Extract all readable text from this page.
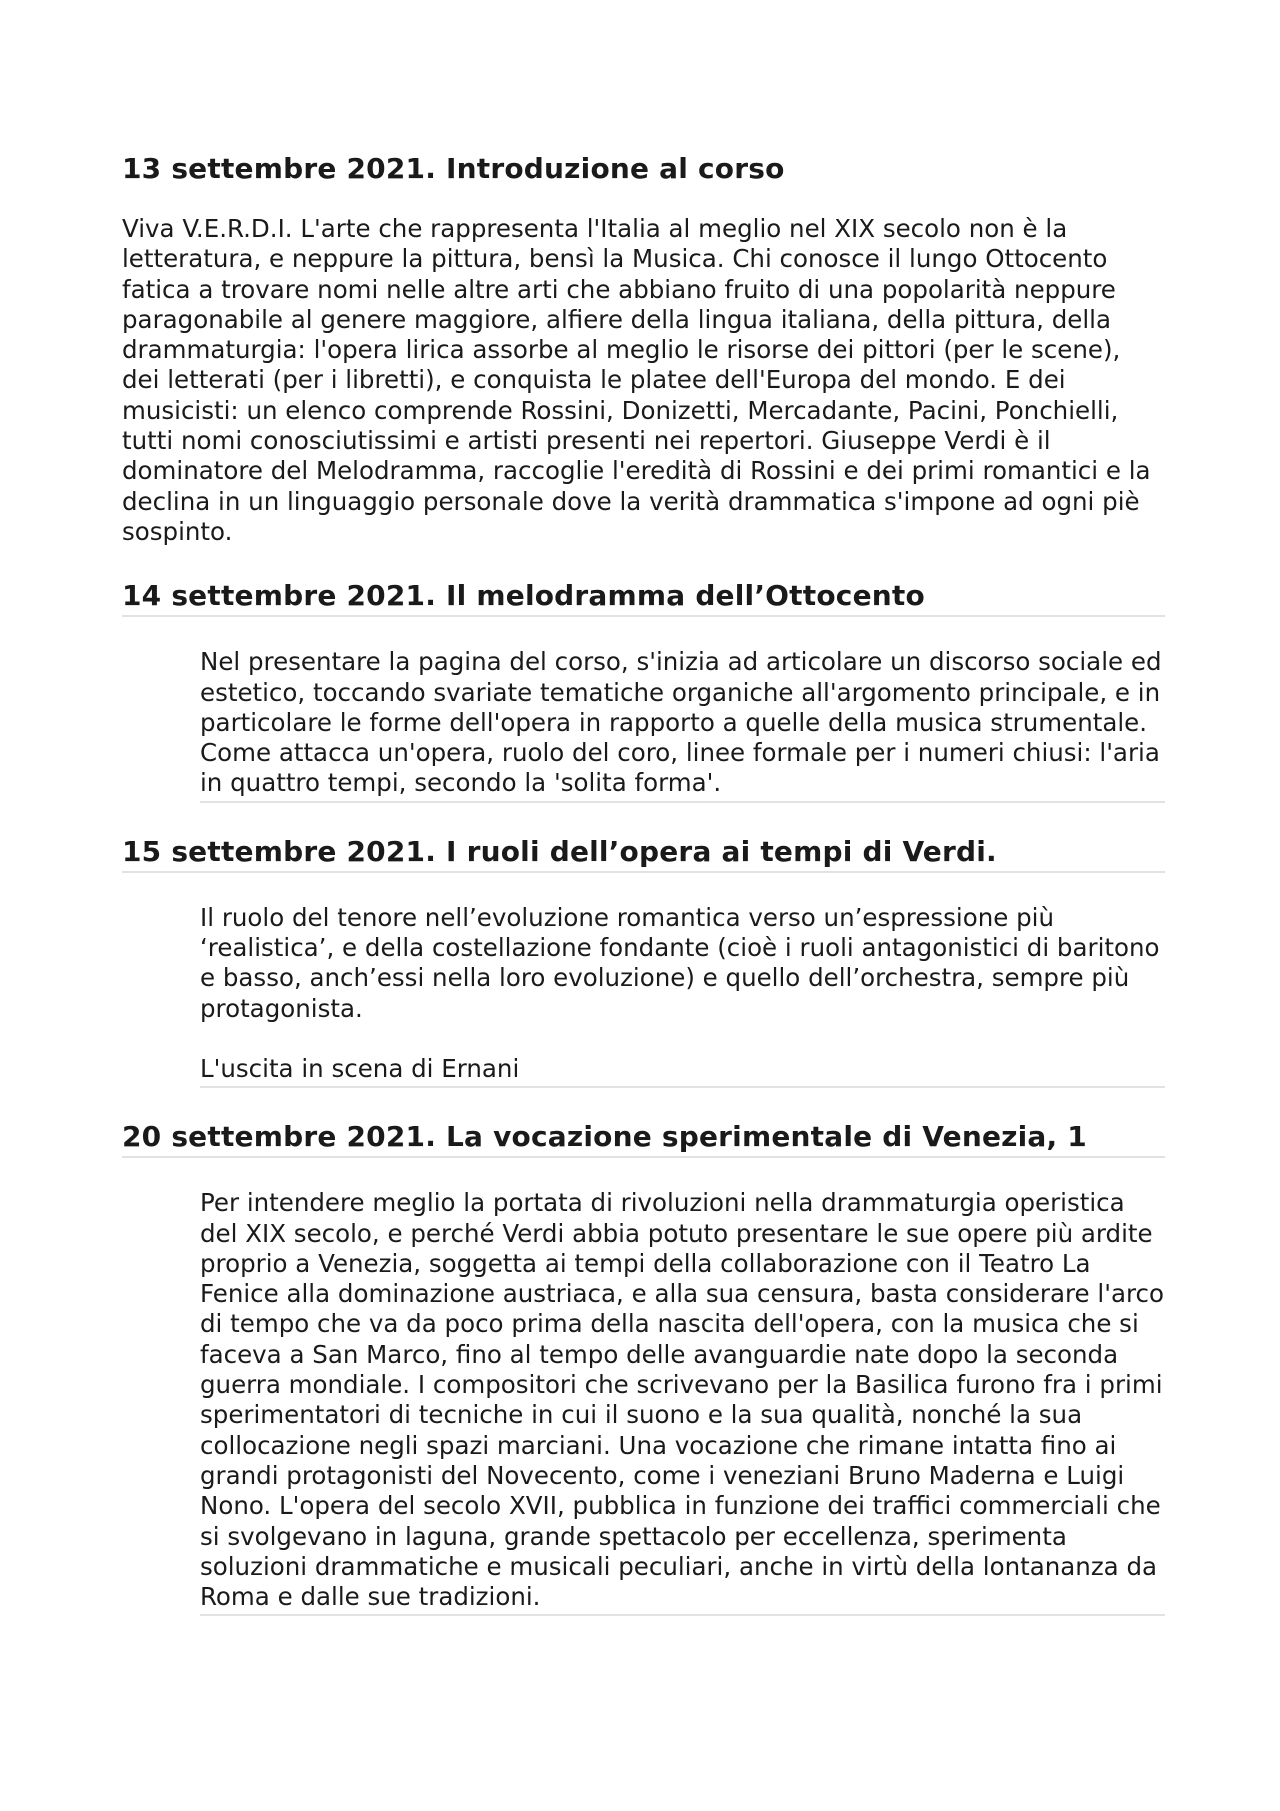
13 settembre 2021. Introduzione al corso

Viva V.E.R.D.I. L'arte che rappresenta l'Italia al meglio nel XIX secolo non è la letteratura, e neppure la pittura, bensì la Musica. Chi conosce il lungo Ottocento fatica a trovare nomi nelle altre arti che abbiano fruito di una popolarità neppure paragonabile al genere maggiore, alfiere della lingua italiana, della pittura, della drammaturgia: l'opera lirica assorbe al meglio le risorse dei pittori (per le scene), dei letterati (per i libretti), e conquista le platee dell'Europa del mondo. E dei musicisti: un elenco comprende Rossini, Donizetti, Mercadante, Pacini, Ponchielli, tutti nomi conosciutissimi e artisti presenti nei repertori. Giuseppe Verdi è il dominatore del Melodramma, raccoglie l'eredità di Rossini e dei primi romantici e la declina in un linguaggio personale dove la verità drammatica s'impone ad ogni piè sospinto.

14 settembre 2021. Il melodramma dell’Ottocento

Nel presentare la pagina del corso, s'inizia ad articolare un discorso sociale ed estetico, toccando svariate tematiche organiche all'argomento principale, e in particolare le forme dell'opera in rapporto a quelle della musica strumentale. Come attacca un'opera, ruolo del coro, linee formale per i numeri chiusi: l'aria in quattro tempi, secondo la 'solita forma'.

15 settembre 2021. I ruoli dell’opera ai tempi di Verdi.

Il ruolo del tenore nell’evoluzione romantica verso un’espressione più ‘realistica’, e della costellazione fondante (cioè i ruoli antagonistici di baritono e basso, anch’essi nella loro evoluzione) e quello dell’orchestra, sempre più protagonista.

L'uscita in scena di Ernani

20 settembre 2021. La vocazione sperimentale di Venezia, 1

Per intendere meglio la portata di rivoluzioni nella drammaturgia operistica del XIX secolo, e perché Verdi abbia potuto presentare le sue opere più ardite proprio a Venezia, soggetta ai tempi della collaborazione con il Teatro La Fenice alla dominazione austriaca, e alla sua censura, basta considerare l'arco di tempo che va da poco prima della nascita dell'opera, con la musica che si faceva a San Marco, fino al tempo delle avanguardie nate dopo la seconda guerra mondiale. I compositori che scrivevano per la Basilica furono fra i primi sperimentatori di tecniche in cui il suono e la sua qualità, nonché la sua collocazione negli spazi marciani. Una vocazione che rimane intatta fino ai grandi protagonisti del Novecento, come i veneziani Bruno Maderna e Luigi Nono. L'opera del secolo XVII, pubblica in funzione dei traffici commerciali che si svolgevano in laguna, grande spettacolo per eccellenza, sperimenta soluzioni drammatiche e musicali peculiari, anche in virtù della lontananza da Roma e dalle sue tradizioni.
